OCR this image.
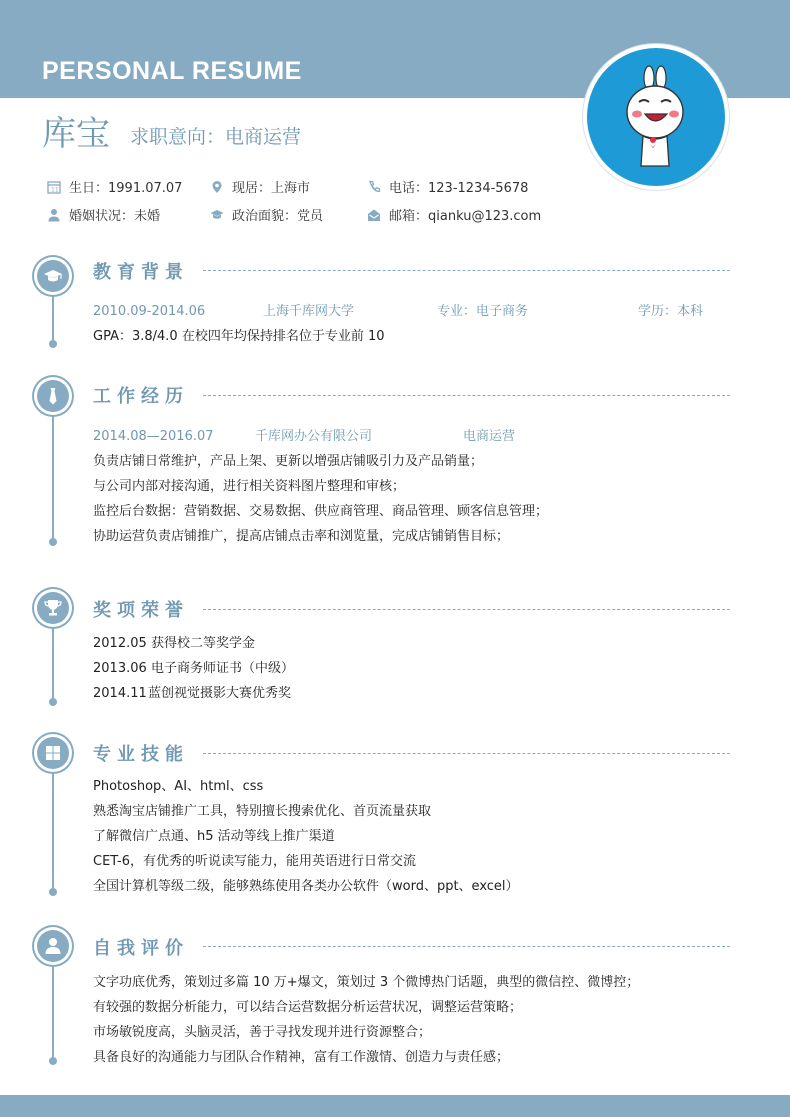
PERSONAL RESUME
库宝 求职意向：电商运营
11 生日：1991.07.07	现居：上海市	电话：123-1234-5678
婚姻状况：未婚	政治面貌：党员	邮箱：qianku@123.com
教育背景
2010.09-2014.06	上海千库网大学	专业：电子商务	学历：本科
GPA：3.8/4.0 在校四年均保持排名位于专业前 10
工作经历
2014.08—2016.07	千库网办公有限公司	电商运营
负责店铺日常维护，产品上架、更新以增强店铺吸引力及产品销量；
与公司内部对接沟通，进行相关资料图片整理和审核；
监控后台数据：营销数据、交易数据、供应商管理、商品管理、顾客信息管理；
协助运营负责店铺推广，提高店铺点击率和浏览量，完成店铺销售目标；
奖项荣誉
2012.05 获得校二等奖学金
2013.06 电子商务师证书（中级）
2014.11 蓝创视觉摄影大赛优秀奖
专业技能
Photoshop、AI、html、css
熟悉淘宝店铺推广工具，特别擅长搜索优化、首页流量获取
了解微信广点通、h5 活动等线上推广渠道
CET-6，有优秀的听说读写能力，能用英语进行日常交流
全国计算机等级二级，能够熟练使用各类办公软件（word、ppt、excel）
自我评价
文字功底优秀，策划过多篇 10 万+爆文，策划过 3 个微博热门话题，典型的微信控、微博控；
有较强的数据分析能力，可以结合运营数据分析运营状况，调整运营策略；
市场敏锐度高，头脑灵活，善于寻找发现并进行资源整合；
具备良好的沟通能力与团队合作精神，富有工作激情、创造力与责任感；
